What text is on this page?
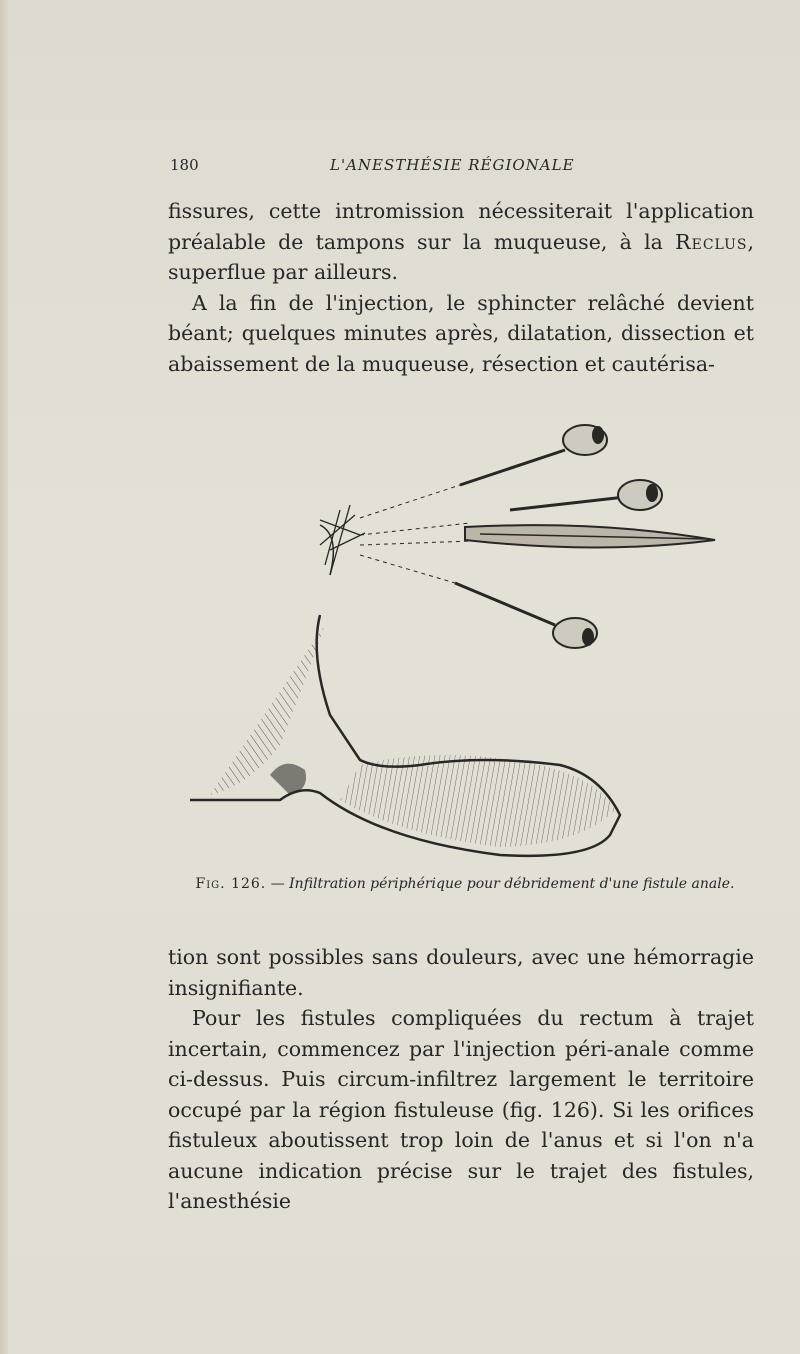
180	L'ANESTHÉSIE RÉGIONALE

fissures, cette intromission nécessiterait l'application préalable de tampons sur la muqueuse, à la Reclus, superflue par ailleurs.

A la fin de l'injection, le sphincter relâché devient béant; quelques minutes après, dilatation, dissection et abaissement de la muqueuse, résection et cautérisa-

Fig. 126. — Infiltration périphérique pour débridement d'une fistule anale.

tion sont possibles sans douleurs, avec une hémorragie insignifiante.

Pour les fistules compliquées du rectum à trajet incertain, commencez par l'injection péri-anale comme ci-dessus. Puis circum-infiltrez largement le territoire occupé par la région fistuleuse (fig. 126). Si les orifices fistuleux aboutissent trop loin de l'anus et si l'on n'a aucune indication précise sur le trajet des fistules, l'anesthésie
